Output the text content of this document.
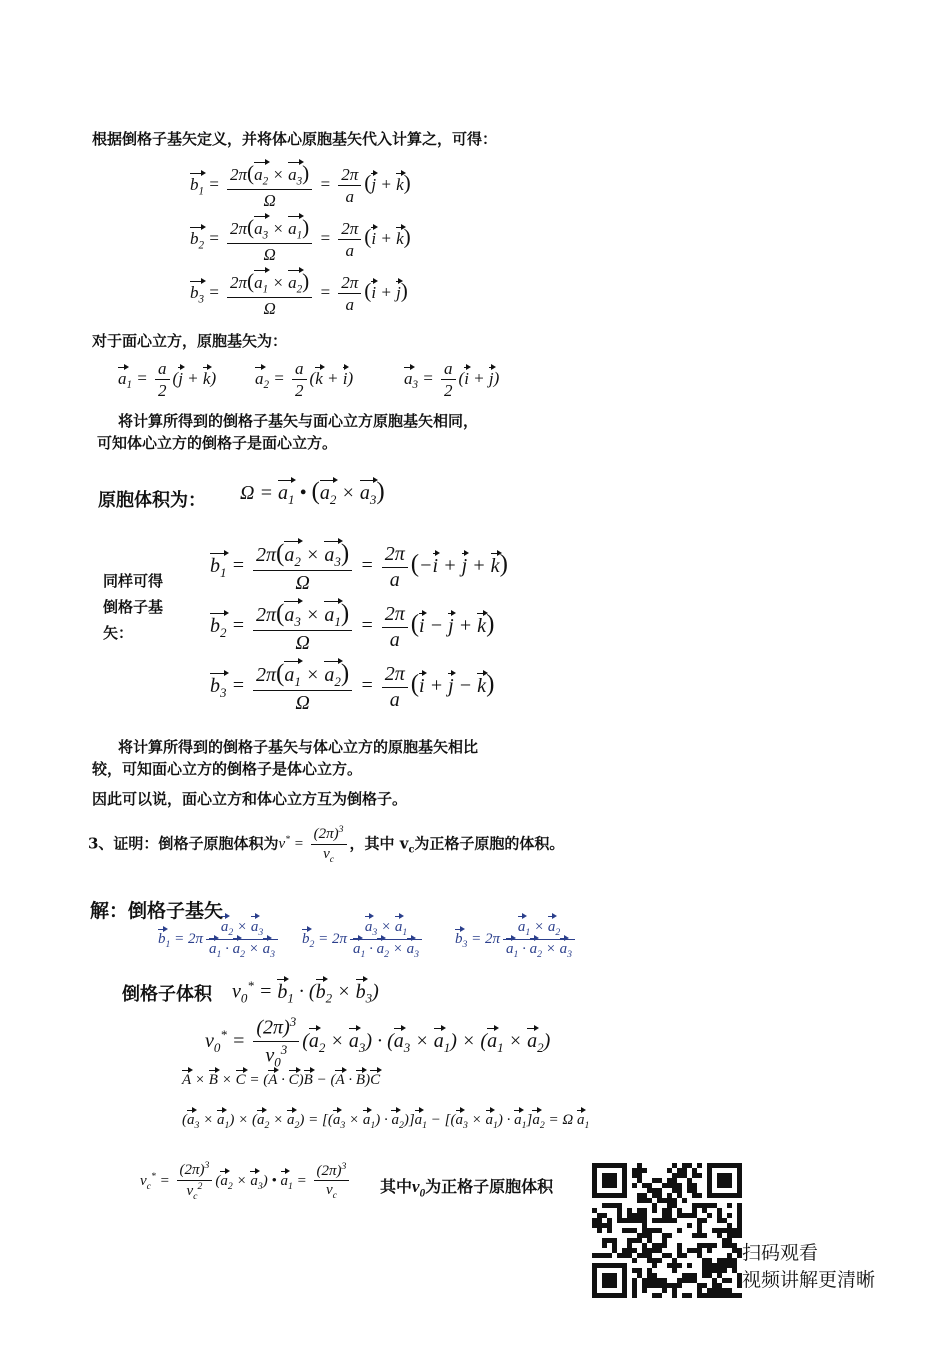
根据倒格子基矢定义，并将体心原胞基矢代入计算之，可得：
$b_1 = \frac{2\pi(a_2 \times a_3)}{\Omega} = \frac{2\pi}{a} (j + k)$
$b_2 = \frac{2\pi(a_3 \times a_1)}{\Omega} = \frac{2\pi}{a} (i + k)$
$b_3 = \frac{2\pi(a_1 \times a_2)}{\Omega} = \frac{2\pi}{a} (i + j)$
对于面心立方，原胞基矢为：
$a_1 = \frac{a}{2} (j + k) a_2 = \frac{a}{2} (k + i)$	$a_3 = \frac{a}{2} (i + j)$
将计算所得到的倒格子基矢与面心立方原胞基矢相同，
可知体心立方的倒格子是面心立方。
原胞体积为： $\Omega = a_1$ • $(a_2 \times a_3)$
同样可得
倒格子基
矢：
$b_1 = \frac{2\pi(a_2 \times a_3)}{\Omega} = \frac{2\pi}{a} (-i + j + k)$
$b_2 = \frac{2\pi(a_3 \times a_1)}{\Omega} = \frac{2\pi}{a} (i - j + k)$
$b_3 = \frac{2\pi(a_1 \times a_2)}{\Omega} = \frac{2\pi}{a} (i + j - k)$
将计算所得到的倒格子基矢与体心立方的原胞基矢相比
较，可知面心立方的倒格子是体心立方。
因此可以说，面心立方和体心立方互为倒格子。
3、证明：倒格子原胞体积为$v^* = \frac{(2\pi)^3}{v_c}$ ，其中 $v_c$为正格子原胞的体积。
解：倒格子基矢
$b_1 = 2\pi \frac{a_2 \times a_3}{a_1 \cdot a_2 \times a_3} b_2 = 2\pi \frac{a_3 \times a_1}{a_1 \cdot a_2 \times a_3} b_3 = 2\pi \frac{a_1 \times a_2}{a_1 \cdot a_2 \times a_3}$
倒格子体积 $v_0^* = b_1 \cdot (b_2 \times b_3)$
$v_0^* = \frac{(2\pi)^3}{v_0^3} (a_2 \times a_3) \cdot (a_3 \times a_1) \times (a_1 \times a_2)$
A × B × C = (A · C)B − (A · B)C
$(a_3 \times a_1) \times (a_2 \times a_2) = [(a_3 \times a_1) \cdot a_2)]a_1 - [(a_3 \times a_1) \cdot a_1]a_2 = \Omega$ $a_1$
$v_c^* = \frac{(2\pi)^3}{v_c^2} (a_2 \times a_3)$ • $a_1 = \frac{(2\pi)^3}{v_c}$ 其中$v_0$为正格子原胞体积
扫码观看
视频讲解更清晰
